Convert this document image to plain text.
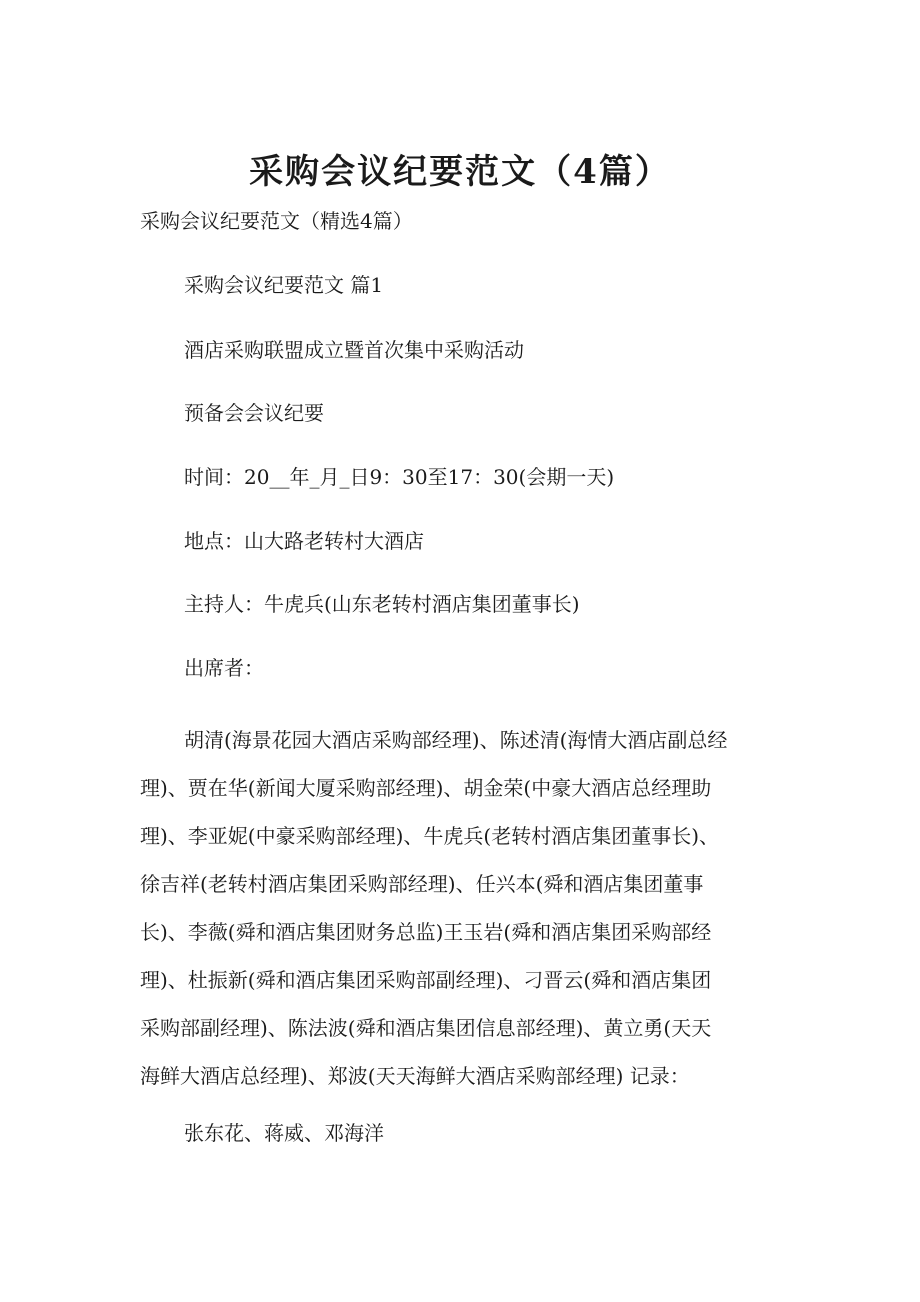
采购会议纪要范文（4篇）

采购会议纪要范文（精选4篇）

采购会议纪要范文 篇1

酒店采购联盟成立暨首次集中采购活动

预备会会议纪要

时间：20__年_月_日9：30至17：30(会期一天)

地点：山大路老转村大酒店

主持人：牛虎兵(山东老转村酒店集团董事长)

出席者：

胡清(海景花园大酒店采购部经理)、陈述清(海情大酒店副总经
理)、贾在华(新闻大厦采购部经理)、胡金荣(中豪大酒店总经理助
理)、李亚妮(中豪采购部经理)、牛虎兵(老转村酒店集团董事长)、
徐吉祥(老转村酒店集团采购部经理)、任兴本(舜和酒店集团董事
长)、李薇(舜和酒店集团财务总监)王玉岩(舜和酒店集团采购部经
理)、杜振新(舜和酒店集团采购部副经理)、刁晋云(舜和酒店集团
采购部副经理)、陈法波(舜和酒店集团信息部经理)、黄立勇(天天
海鲜大酒店总经理)、郑波(天天海鲜大酒店采购部经理) 记录：

张东花、蒋威、邓海洋
